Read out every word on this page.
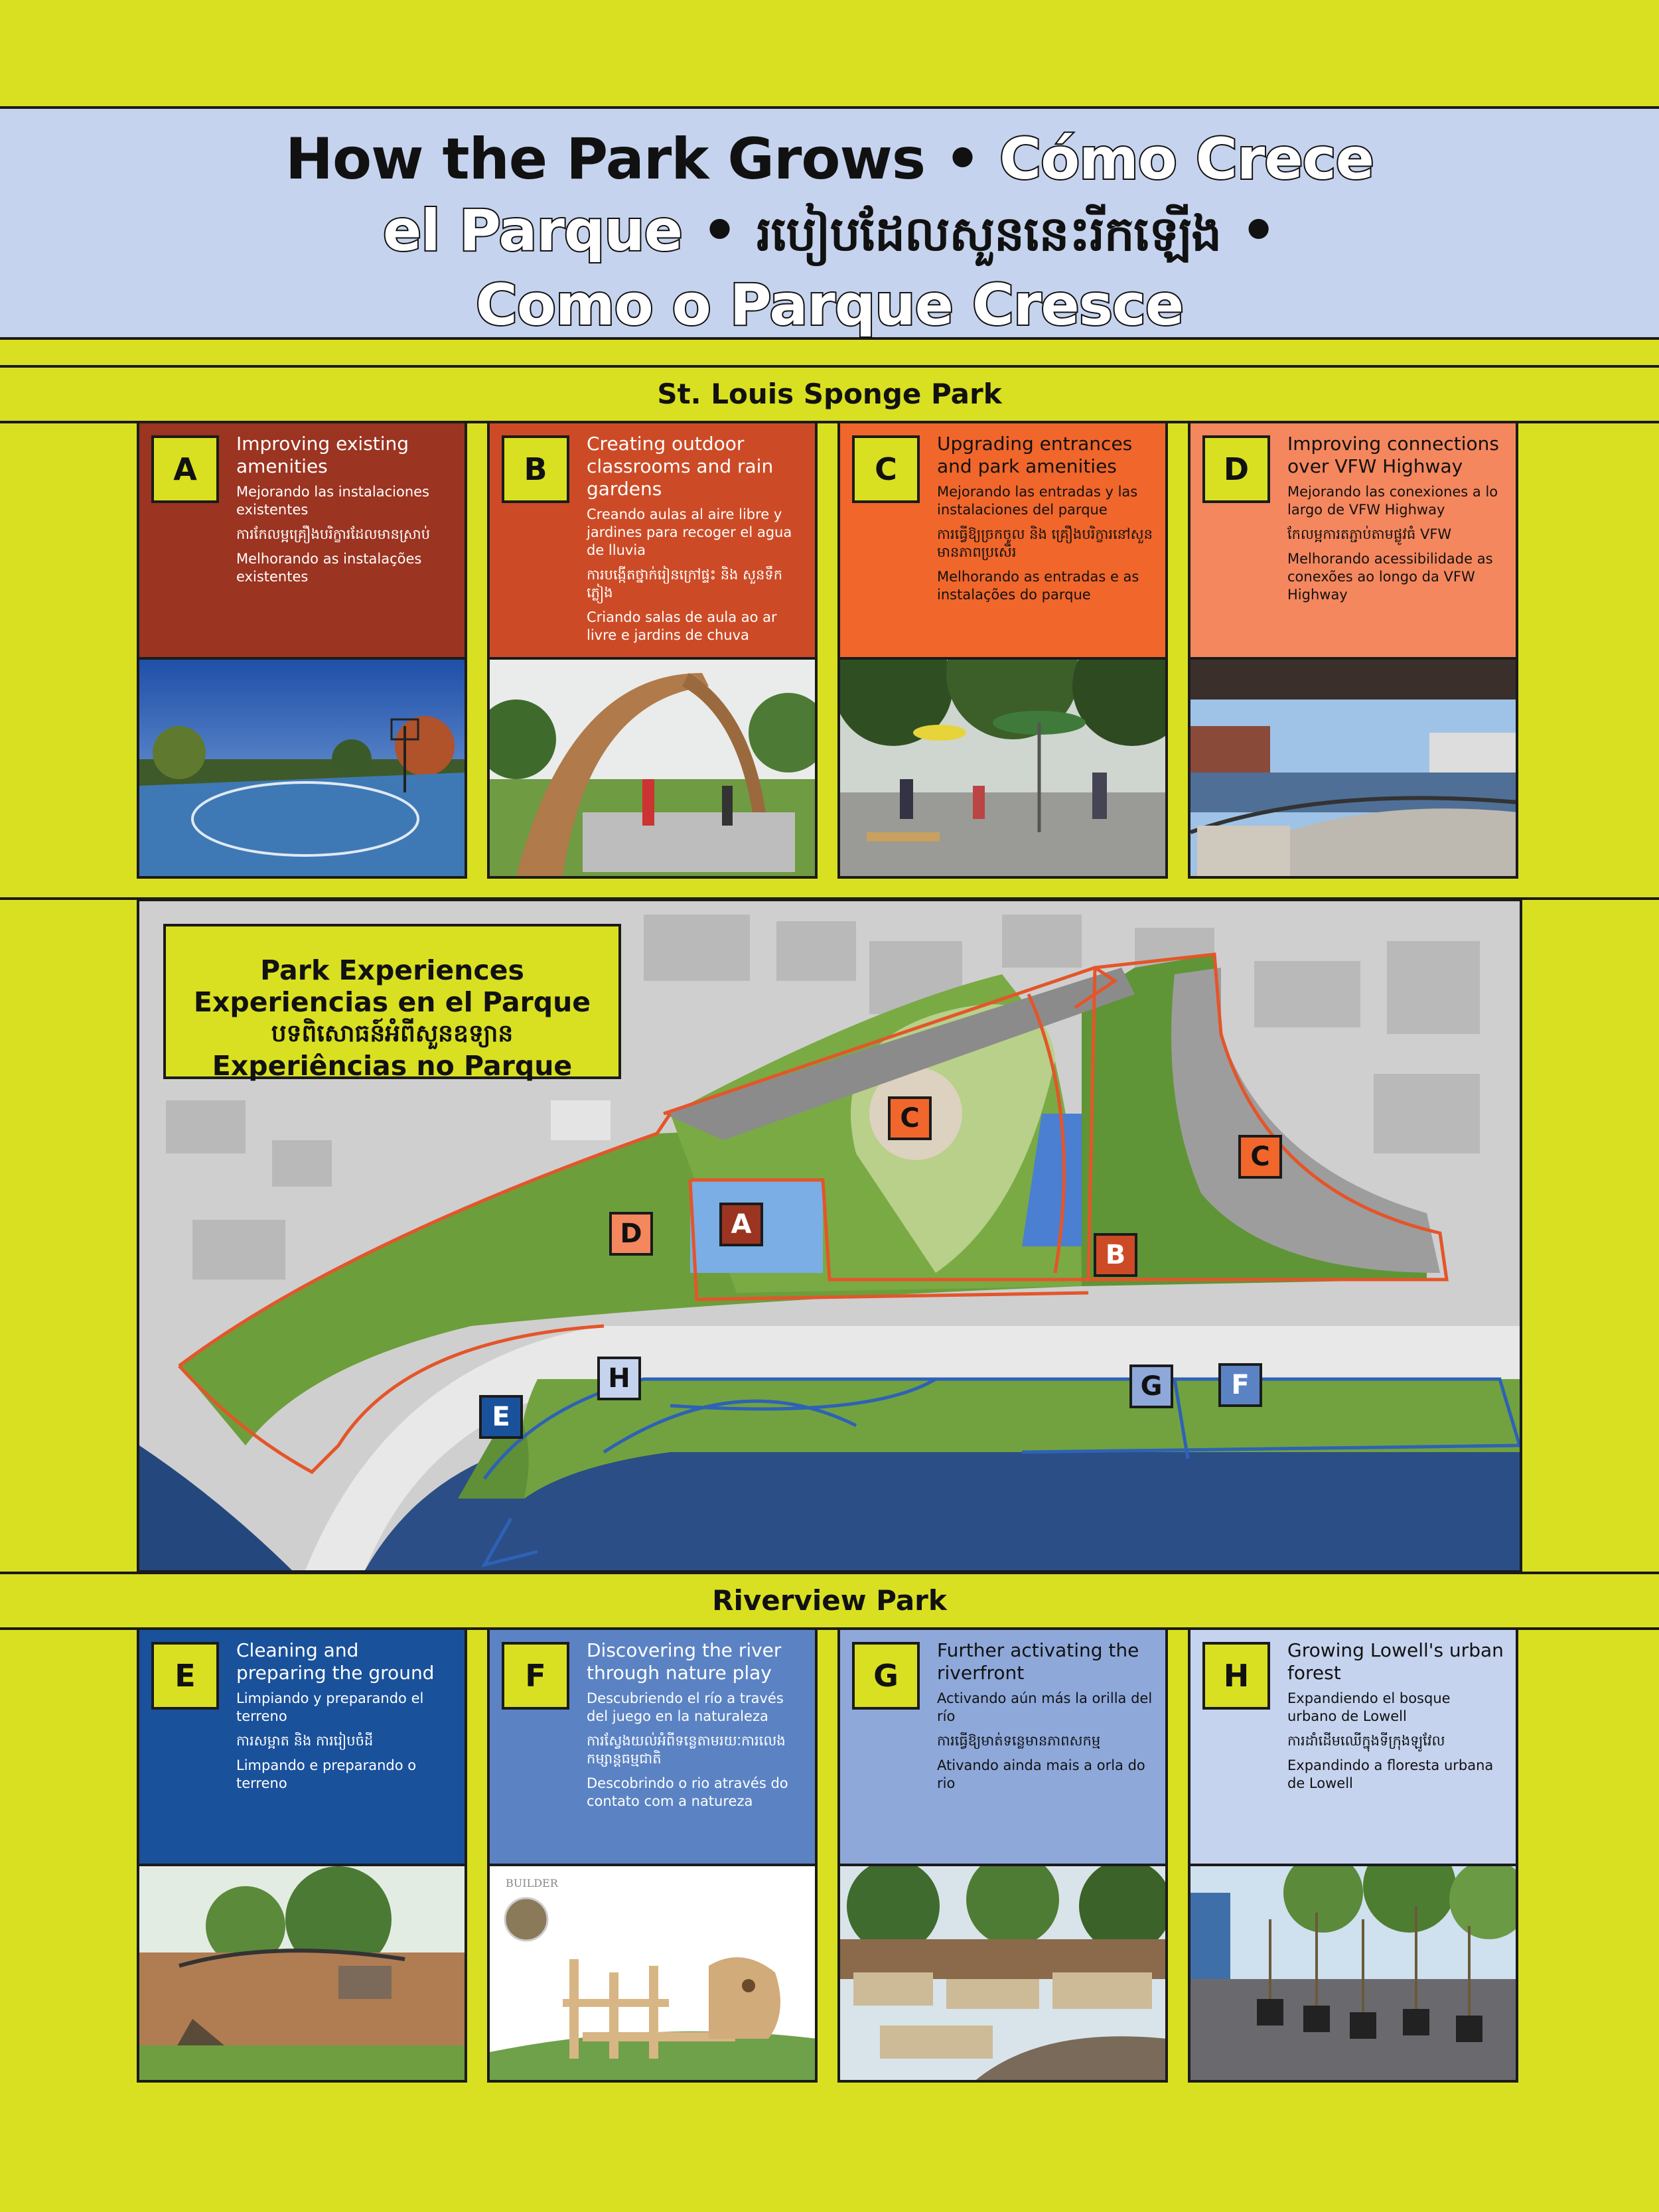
How the Park Grows • Cómo Crece
el Parque • របៀបដែលសួននេះរីកឡើង •
Como o Parque Cresce
St. Louis Sponge Park
A
Improving existing amenities
Mejorando las instalaciones existentes
ការកែលម្អគ្រឿងបរិក្ខារដែលមានស្រាប់
Melhorando as instalações existentes
B
Creating outdoor classrooms and rain gardens
Creando aulas al aire libre y jardines para recoger el agua de lluvia
ការបង្កើតថ្នាក់រៀនក្រៅផ្ទះ និង សួនទឹកភ្លៀង
Criando salas de aula ao ar livre e jardins de chuva
C
Upgrading entrances and park amenities
Mejorando las entradas y las instalaciones del parque
ការធ្វើឱ្យច្រកចូល និង គ្រឿងបរិក្ខារនៅសួនមានភាពប្រសើរ
Melhorando as entradas e as instalações do parque
D
Improving connections over VFW Highway
Mejorando las conexiones a lo largo de VFW Highway
កែលម្អការតភ្ជាប់តាមផ្លូវធំ VFW
Melhorando acessibilidade as conexões ao longo da VFW Highway
Park Experiences
Experiencias en el Parque
បទពិសោធន៍អំពីសួនឧទ្យាន
Experiências no Parque
A
B
C
C
D
E
F
G
H
Riverview Park
E
Cleaning and preparing the ground
Limpiando y preparando el terreno
ការសម្អាត និង ការរៀបចំដី
Limpando e preparando o terreno
F
Discovering the river through nature play
Descubriendo el río a través del juego en la naturaleza
ការស្វែងយល់អំពីទន្លេតាមរយៈការលេងកម្សាន្តធម្មជាតិ
Descobrindo o rio através do contato com a natureza
BUILDER
G
Further activating the riverfront
Activando aún más la orilla del río
ការធ្វើឱ្យមាត់ទន្លេមានភាពសកម្ម
Ativando ainda mais a orla do rio
H
Growing Lowell's urban forest
Expandiendo el bosque urbano de Lowell
ការដាំដើមឈើក្នុងទីក្រុងឡូវែល
Expandindo a floresta urbana de Lowell
